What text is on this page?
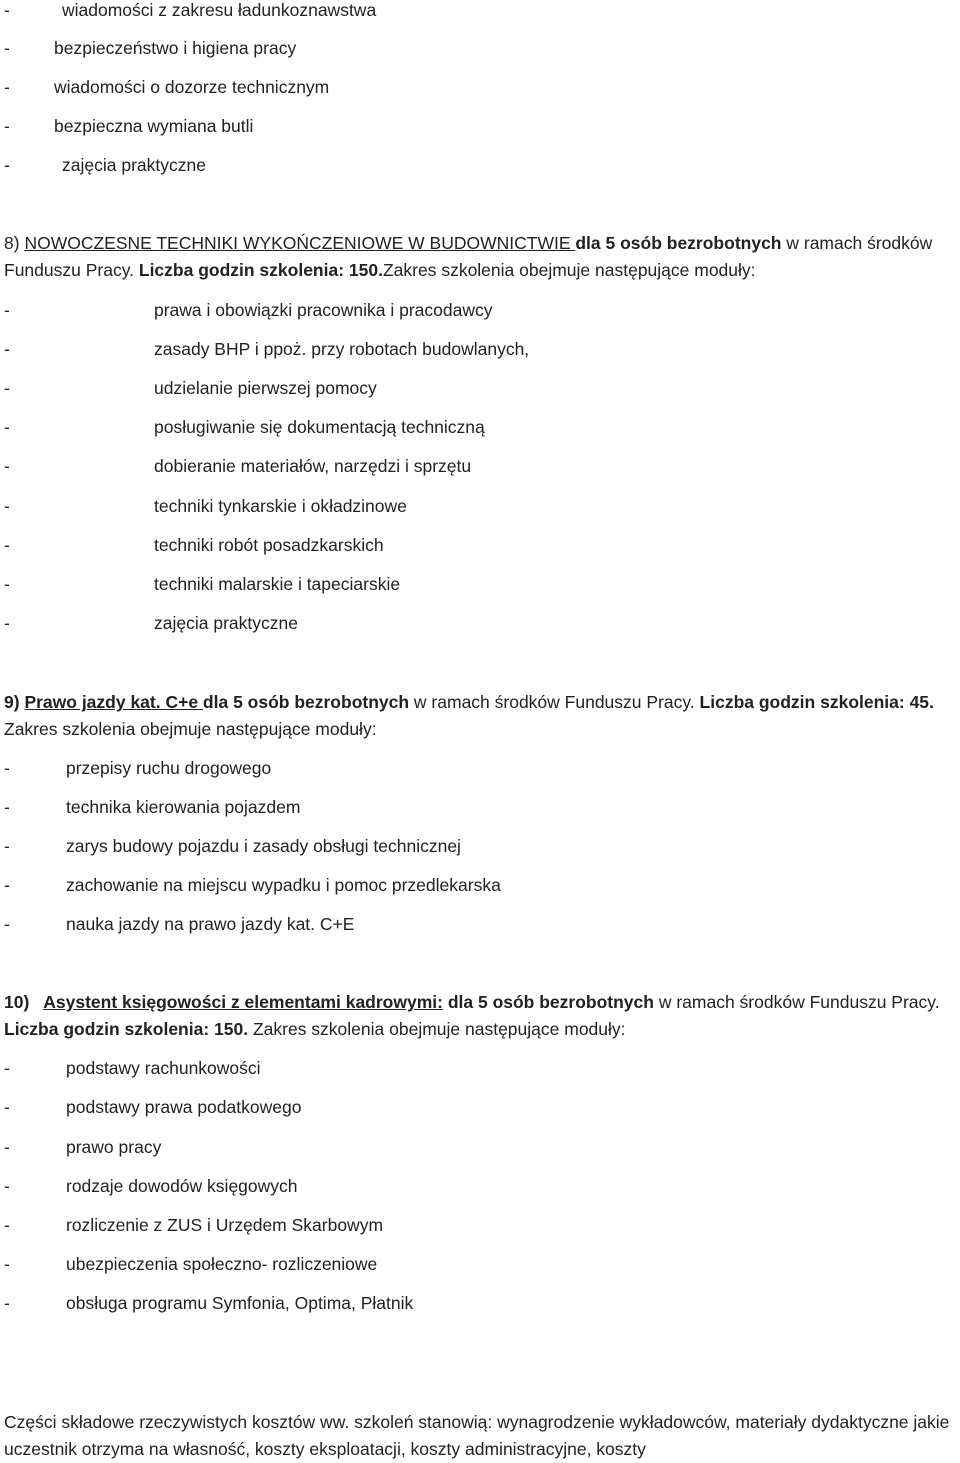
-	wiadomości z zakresu ładunkoznawstwa
-	bezpieczeństwo i higiena pracy
-	wiadomości o dozorze technicznym
-	bezpieczna wymiana butli
-	zajęcia praktyczne
8) NOWOCZESNE TECHNIKI WYKOŃCZENIOWE W BUDOWNICTWIE dla 5 osób bezrobotnych w ramach środków Funduszu Pracy. Liczba godzin szkolenia: 150.Zakres szkolenia obejmuje następujące moduły:
-	prawa i obowiązki pracownika i pracodawcy
-	zasady BHP i ppoż. przy robotach budowlanych,
-	udzielanie pierwszej pomocy
-	posługiwanie się dokumentacją techniczną
-	dobieranie materiałów, narzędzi i sprzętu
-	techniki tynkarskie i okładzinowe
-	techniki robót posadzkarskich
-	techniki malarskie i tapeciarskie
-	zajęcia praktyczne
9) Prawo jazdy kat. C+e dla 5 osób bezrobotnych w ramach środków Funduszu Pracy. Liczba godzin szkolenia: 45. Zakres szkolenia obejmuje następujące moduły:
-	przepisy ruchu drogowego
-	technika kierowania pojazdem
-	zarys budowy pojazdu i zasady obsługi technicznej
-	zachowanie na miejscu wypadku i pomoc przedlekarska
-	nauka jazdy na prawo jazdy kat. C+E
10)   Asystent księgowości z elementami kadrowymi: dla 5 osób bezrobotnych w ramach środków Funduszu Pracy. Liczba godzin szkolenia: 150. Zakres szkolenia obejmuje następujące moduły:
-	podstawy rachunkowości
-	podstawy prawa podatkowego
-	prawo pracy
-	rodzaje dowodów księgowych
-	rozliczenie z ZUS i Urzędem Skarbowym
-	ubezpieczenia społeczno- rozliczeniowe
-	obsługa programu Symfonia, Optima, Płatnik
Części składowe rzeczywistych kosztów ww. szkoleń stanowią: wynagrodzenie wykładowców, materiały dydaktyczne jakie uczestnik otrzyma na własność, koszty eksploatacji, koszty administracyjne, koszty
